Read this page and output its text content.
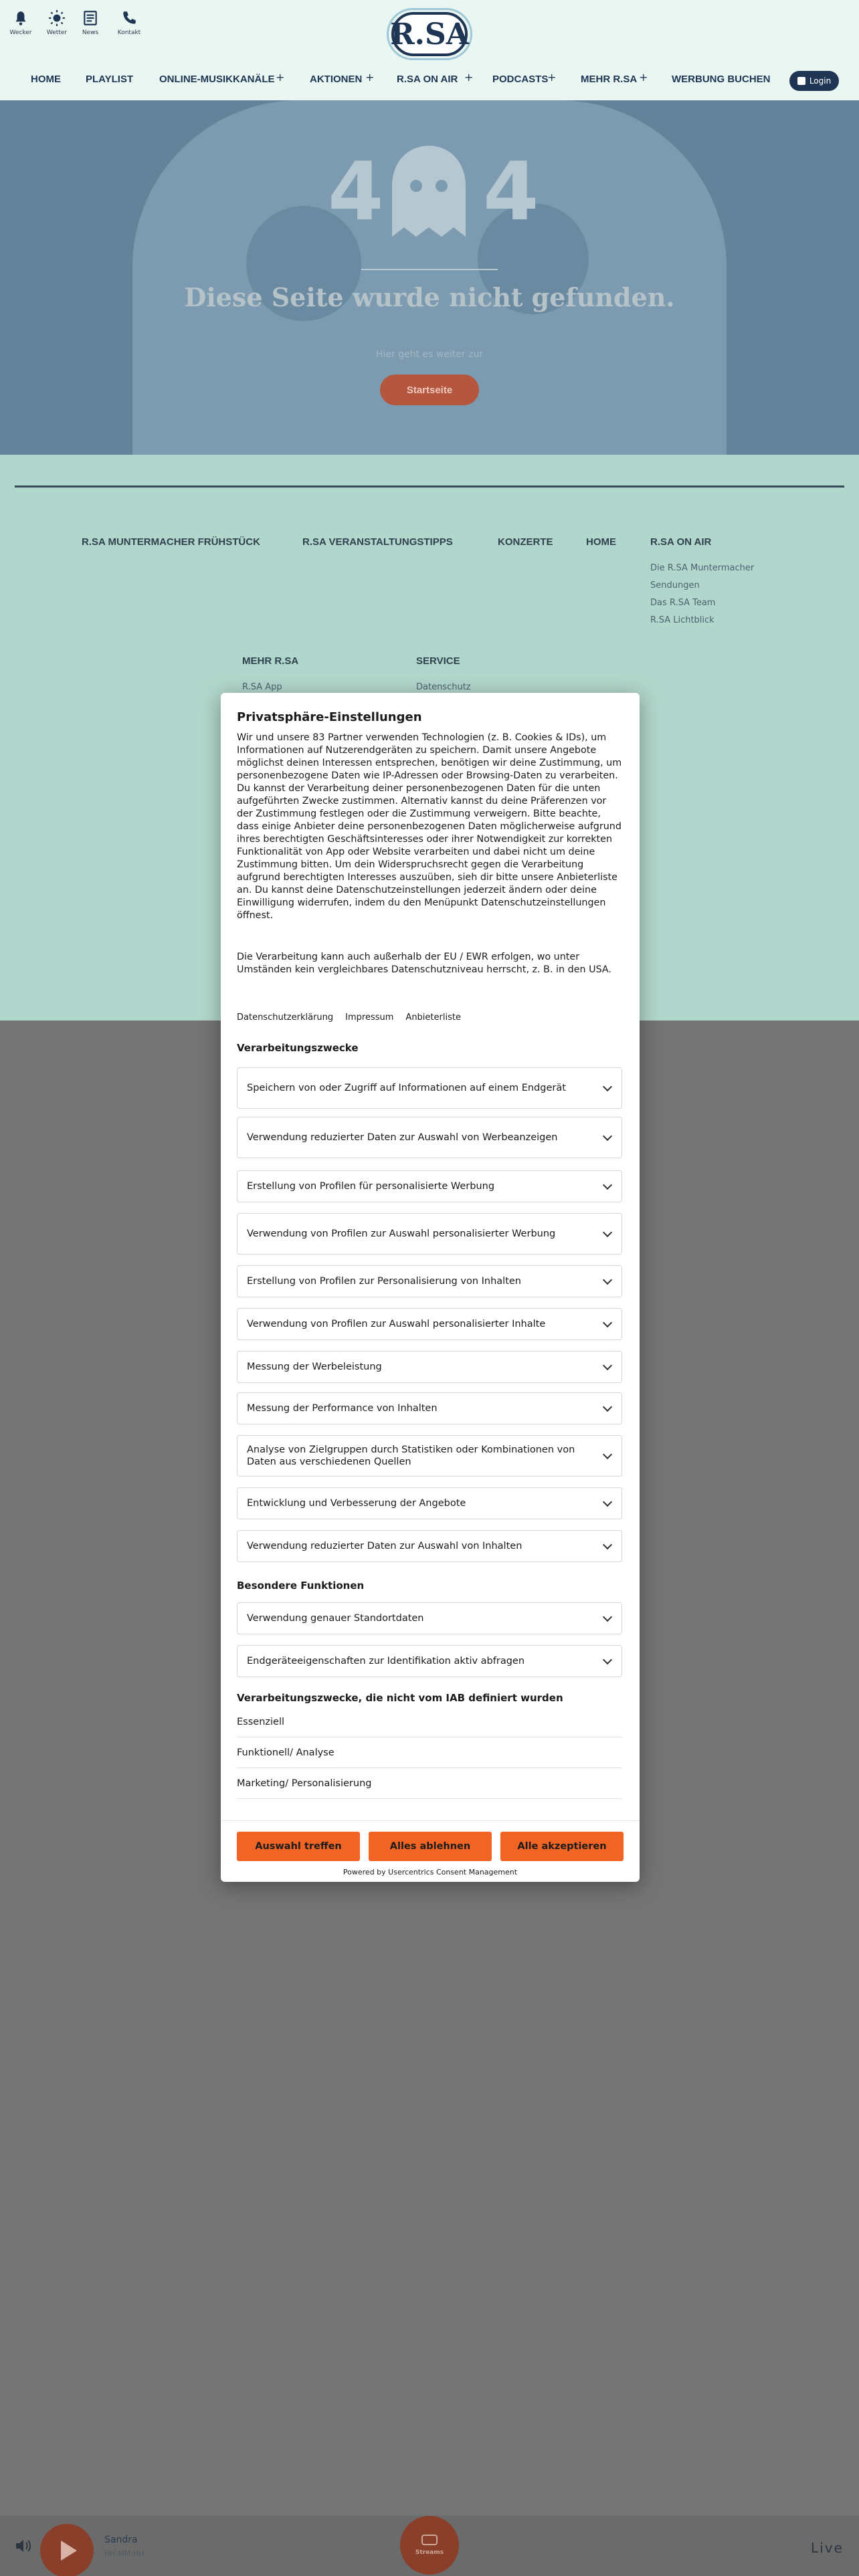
Wecker Wetter	News	Kontakt	R.SA
HOME PLAYLIST	ONLINE-MUSIKKANÄLE +	AKTIONEN + R.SA ON AIR + PODCASTS
+ MEHR R.SA + WERBUNG BUCHEN	Login
4 4
Diese Seite wurde nicht gefunden.
Hier geht es weiter zur
Startseite
R.SA MUNTERMACHER FRÜHSTÜCK	R.SA VERANSTALTUNGSTIPPS	KONZERTE	HOME	R.SA ON AIR
Die R.SA Muntermacher
Sendungen
Das R.SA Team
R.SA Lichtblick
MEHR R.SA	SERVICE
R.SA App	Datenschutz
Privatsphäre-Einstellungen
Wir und unsere 83 Partner verwenden Technologien (z. B. Cookies & IDs), um Informationen auf Nutzerendgeräten zu speichern. Damit unsere Angebote möglichst deinen Interessen entsprechen, benötigen wir deine Zustimmung, um personenbezogene Daten wie IP-Adressen oder Browsing-Daten zu verarbeiten. Du kannst der Verarbeitung deiner personenbezogenen Daten für die unten aufgeführten Zwecke zustimmen. Alternativ kannst du deine Präferenzen vor der Zustimmung festlegen oder die Zustimmung verweigern. Bitte beachte, dass einige Anbieter deine personenbezogenen Daten möglicherweise aufgrund ihres berechtigten Geschäftsinteresses oder ihrer Notwendigkeit zur korrekten Funktionalität von App oder Website verarbeiten und dabei nicht um deine Zustimmung bitten. Um dein Widerspruchsrecht gegen die Verarbeitung aufgrund berechtigten Interesses auszuüben, sieh dir bitte unsere Anbieterliste an. Du kannst deine Datenschutzeinstellungen jederzeit ändern oder deine Einwilligung widerrufen, indem du den Menüpunkt Datenschutzeinstellungen öffnest.
Die Verarbeitung kann auch außerhalb der EU / EWR erfolgen, wo unter Umständen kein vergleichbares Datenschutzniveau herrscht, z. B. in den USA.
Datenschutzerklärung Impressum Anbieterliste
Verarbeitungszwecke
Speichern von oder Zugriff auf Informationen auf einem Endgerät
Verwendung reduzierter Daten zur Auswahl von Werbeanzeigen
Erstellung von Profilen für personalisierte Werbung
Verwendung von Profilen zur Auswahl personalisierter Werbung
Erstellung von Profilen zur Personalisierung von Inhalten
Verwendung von Profilen zur Auswahl personalisierter Inhalte
Messung der Werbeleistung
Messung der Performance von Inhalten
Analyse von Zielgruppen durch Statistiken oder Kombinationen von Daten aus verschiedenen Quellen
Entwicklung und Verbesserung der Angebote
Verwendung reduzierter Daten zur Auswahl von Inhalten
Besondere Funktionen
Verwendung genauer Standortdaten
Endgeräteeigenschaften zur Identifikation aktiv abfragen
Verarbeitungszwecke, die nicht vom IAB definiert wurden
Essenziell
Funktionell/ Analyse
Marketing/ Personalisierung
Auswahl treffen	Alles ablehnen	Alle akzeptieren
Powered by Usercentrics Consent Management
Sandra
HH:MM:HH	Streams	Live
